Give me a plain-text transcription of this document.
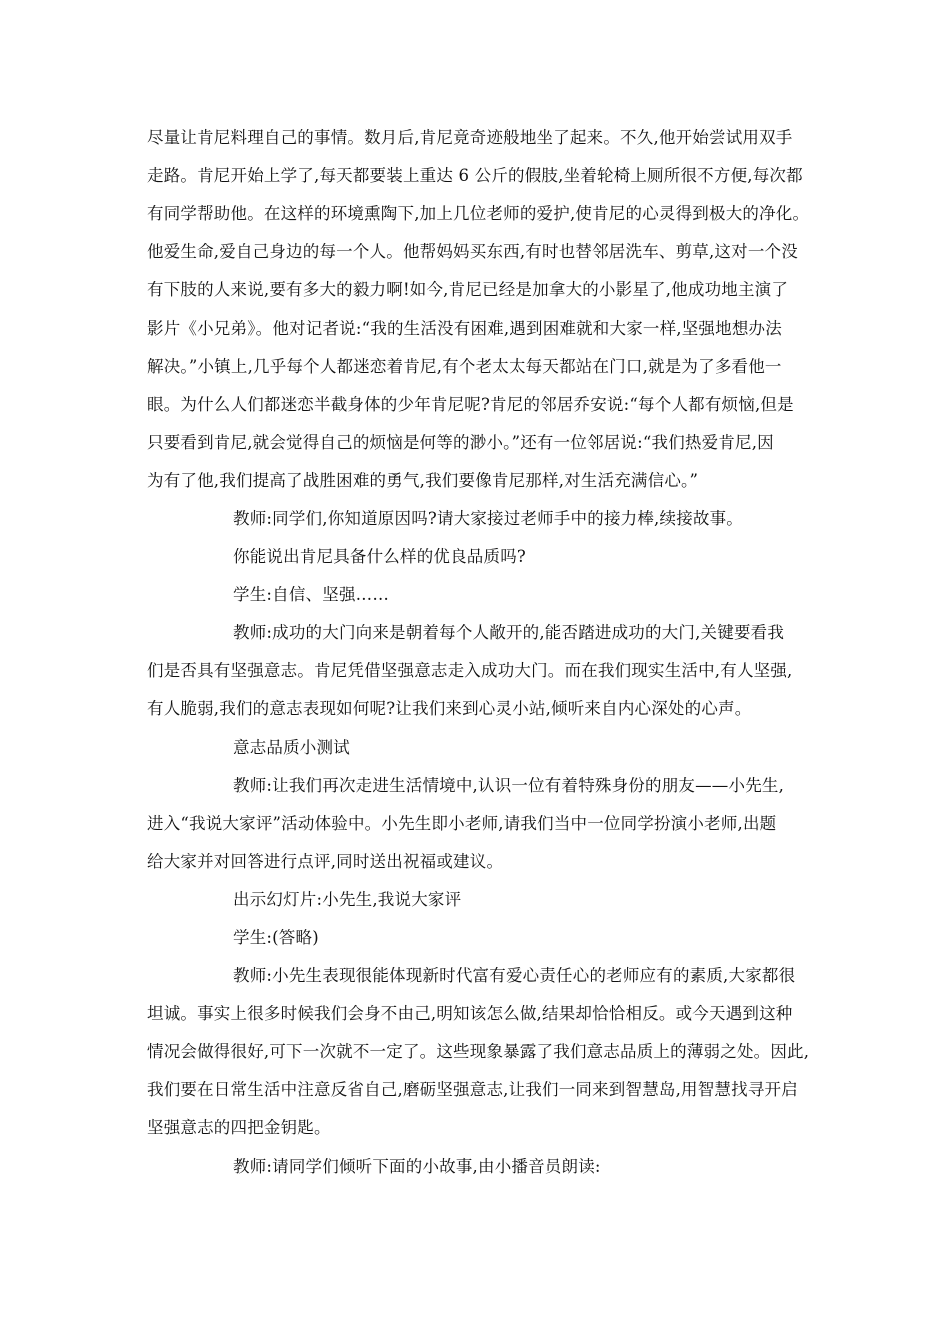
尽量让肯尼料理自己的事情。数月后,肯尼竟奇迹般地坐了起来。不久,他开始尝试用双手
走路。肯尼开始上学了,每天都要装上重达 6 公斤的假肢,坐着轮椅上厕所很不方便,每次都
有同学帮助他。在这样的环境熏陶下,加上几位老师的爱护,使肯尼的心灵得到极大的净化。
他爱生命,爱自己身边的每一个人。他帮妈妈买东西,有时也替邻居洗车、剪草,这对一个没
有下肢的人来说,要有多大的毅力啊!如今,肯尼已经是加拿大的小影星了,他成功地主演了
影片《小兄弟》。他对记者说:“我的生活没有困难,遇到困难就和大家一样,坚强地想办法
解决。”小镇上,几乎每个人都迷恋着肯尼,有个老太太每天都站在门口,就是为了多看他一
眼。为什么人们都迷恋半截身体的少年肯尼呢?肯尼的邻居乔安说:“每个人都有烦恼,但是
只要看到肯尼,就会觉得自己的烦恼是何等的渺小。”还有一位邻居说:“我们热爱肯尼,因
为有了他,我们提高了战胜困难的勇气,我们要像肯尼那样,对生活充满信心。”
教师:同学们,你知道原因吗?请大家接过老师手中的接力棒,续接故事。
你能说出肯尼具备什么样的优良品质吗?
学生:自信、坚强……
教师:成功的大门向来是朝着每个人敞开的,能否踏进成功的大门,关键要看我
们是否具有坚强意志。肯尼凭借坚强意志走入成功大门。而在我们现实生活中,有人坚强,
有人脆弱,我们的意志表现如何呢?让我们来到心灵小站,倾听来自内心深处的心声。
意志品质小测试
教师:让我们再次走进生活情境中,认识一位有着特殊身份的朋友——小先生,
进入“我说大家评”活动体验中。小先生即小老师,请我们当中一位同学扮演小老师,出题
给大家并对回答进行点评,同时送出祝福或建议。
出示幻灯片:小先生,我说大家评
学生:(答略)
教师:小先生表现很能体现新时代富有爱心责任心的老师应有的素质,大家都很
坦诚。事实上很多时候我们会身不由己,明知该怎么做,结果却恰恰相反。或今天遇到这种
情况会做得很好,可下一次就不一定了。这些现象暴露了我们意志品质上的薄弱之处。因此,
我们要在日常生活中注意反省自己,磨砺坚强意志,让我们一同来到智慧岛,用智慧找寻开启
坚强意志的四把金钥匙。
教师:请同学们倾听下面的小故事,由小播音员朗读:
